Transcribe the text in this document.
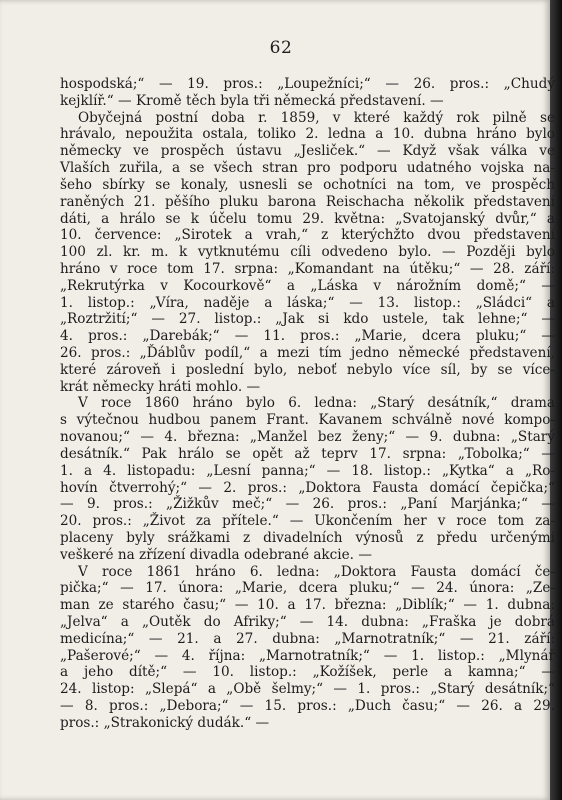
62
hospodská;“ — 19. pros.: „Loupežníci;“ — 26. pros.: „Chudý
kejklíř.“ — Kromě těch byla tři německá představení. —
Obyčejná postní doba r. 1859, v které každý rok pilně se
hrávalo, nepoužita ostala, toliko 2. ledna a 10. dubna hráno bylo
německy ve prospěch ústavu „Jesliček.“ — Když však válka ve
Vlaších zuřila, a se všech stran pro podporu udatného vojska na-
šeho sbírky se konaly, usnesli se ochotníci na tom, ve prospěch
raněných 21. pěšího pluku barona Reischacha několik představení
dáti, a hrálo se k účelu tomu 29. května: „Svatojanský dvůr,“ a
10. července: „Sirotek a vrah,“ z kterýchžto dvou představení
100 zl. kr. m. k vytknutému cíli odvedeno bylo. — Později bylo
hráno v roce tom 17. srpna: „Komandant na útěku;“ — 28. září:
„Rekrutýrka v Kocourkově“ a „Láska v nárožním domě;“ —
1. listop.: „Víra, naděje a láska;“ — 13. listop.: „Sládci“ a
„Roztržití;“ — 27. listop.: „Jak si kdo ustele, tak lehne;“ —
4. pros.: „Darebák;“ — 11. pros.: „Marie, dcera pluku;“ —
26. pros.: „Ďáblův podíl,“ a mezi tím jedno německé představení,
které zároveň i poslední bylo, neboť nebylo více síl, by se více-
krát německy hráti mohlo. —
V roce 1860 hráno bylo 6. ledna: „Starý desátník,“ drama
s výtečnou hudbou panem Frant. Kavanem schválně nové kompo-
novanou;“ — 4. března: „Manžel bez ženy;“ — 9. dubna: „Starý
desátník.“ Pak hrálo se opět až teprv 17. srpna: „Tobolka;“ —
1. a 4. listopadu: „Lesní panna;“ — 18. listop.: „Kytka“ a „Ro-
hovín čtverrohý;“ — 2. pros.: „Doktora Fausta domácí čepička;“
— 9. pros.: „Žižkův meč;“ — 26. pros.: „Paní Marjánka;“ —
20. pros.: „Život za přítele.“ — Ukončením her v roce tom za-
placeny byly srážkami z divadelních výnosů z předu určenými
veškeré na zřízení divadla odebrané akcie. —
V roce 1861 hráno 6. ledna: „Doktora Fausta domácí če-
pička;“ — 17. února: „Marie, dcera pluku;“ — 24. února: „Ze-
man ze starého času;“ — 10. a 17. března: „Diblík;“ — 1. dubna:
„Jelva“ a „Outěk do Afriky;“ — 14. dubna: „Fraška je dobrá
medicína;“ — 21. a 27. dubna: „Marnotratník;“ — 21. září:
„Pašerové;“ — 4. října: „Marnotratník;“ — 1. listop.: „Mlynář
a jeho dítě;“ — 10. listop.: „Kožíšek, perle a kamna;“ —
24. listop: „Slepá“ a „Obě šelmy;“ — 1. pros.: „Starý desátník;“
— 8. pros.: „Debora;“ — 15. pros.: „Duch času;“ — 26. a 29.
pros.: „Strakonický dudák.“ —
